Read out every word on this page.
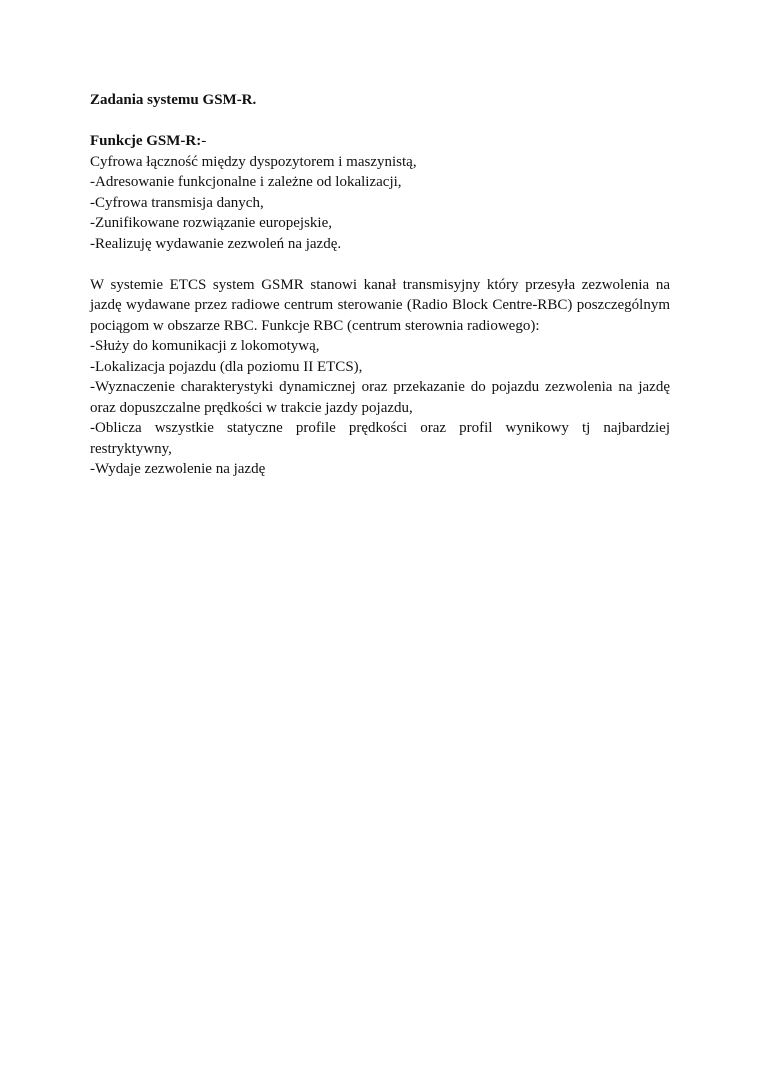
Zadania systemu GSM-R.

Funkcje GSM-R:-

Cyfrowa łączność między dyspozytorem i maszynistą,

-Adresowanie funkcjonalne i zależne od lokalizacji,

-Cyfrowa transmisja danych,

-Zunifikowane rozwiązanie europejskie,

-Realizuję wydawanie zezwoleń na jazdę.

W systemie ETCS system GSMR stanowi kanał transmisyjny który przesyła zezwolenia na jazdę wydawane przez radiowe centrum sterowanie (Radio Block Centre-RBC) poszczególnym pociągom w obszarze RBC. Funkcje RBC (centrum sterownia radiowego):

-Służy do komunikacji z lokomotywą,

-Lokalizacja pojazdu (dla poziomu II ETCS),

-Wyznaczenie charakterystyki dynamicznej oraz przekazanie do pojazdu zezwolenia na jazdę oraz dopuszczalne prędkości w trakcie jazdy pojazdu,

-Oblicza wszystkie statyczne profile prędkości oraz profil wynikowy tj najbardziej restryktywny,

-Wydaje zezwolenie na jazdę
